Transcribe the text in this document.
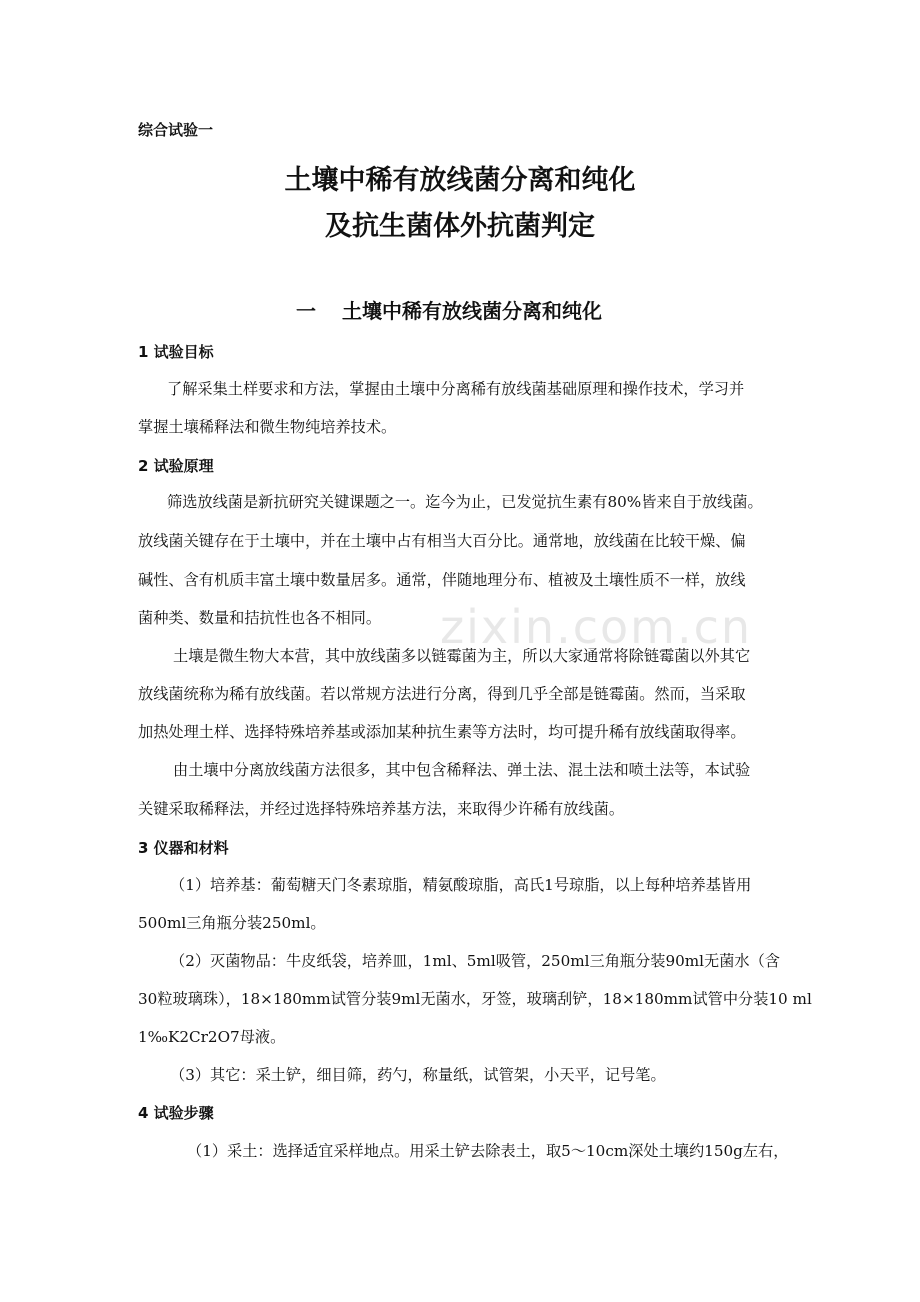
zixin.com.cn
综合试验一
土壤中稀有放线菌分离和纯化
及抗生菌体外抗菌判定
一 土壤中稀有放线菌分离和纯化
1 试验目标
了解采集土样要求和方法，掌握由土壤中分离稀有放线菌基础原理和操作技术，学习并
掌握土壤稀释法和微生物纯培养技术。
2 试验原理
筛选放线菌是新抗研究关键课题之一。迄今为止，已发觉抗生素有80%皆来自于放线菌。
放线菌关键存在于土壤中，并在土壤中占有相当大百分比。通常地，放线菌在比较干燥、偏
碱性、含有机质丰富土壤中数量居多。通常，伴随地理分布、植被及土壤性质不一样，放线
菌种类、数量和拮抗性也各不相同。
土壤是微生物大本营，其中放线菌多以链霉菌为主，所以大家通常将除链霉菌以外其它
放线菌统称为稀有放线菌。若以常规方法进行分离，得到几乎全部是链霉菌。然而，当采取
加热处理土样、选择特殊培养基或添加某种抗生素等方法时，均可提升稀有放线菌取得率。
由土壤中分离放线菌方法很多，其中包含稀释法、弹土法、混土法和喷土法等，本试验
关键采取稀释法，并经过选择特殊培养基方法，来取得少许稀有放线菌。
3 仪器和材料
（1）培养基：葡萄糖天门冬素琼脂，精氨酸琼脂，高氏1号琼脂，以上每种培养基皆用
500ml三角瓶分装250ml。
（2）灭菌物品：牛皮纸袋，培养皿，1ml、5ml吸管，250ml三角瓶分装90ml无菌水（含
30粒玻璃珠），18×180mm试管分装9ml无菌水，牙签，玻璃刮铲，18×180mm试管中分装10 ml
1‰K2Cr2O7母液。
（3）其它：采土铲，细目筛，药勺，称量纸，试管架，小天平，记号笔。
4 试验步骤
（1）采土：选择适宜采样地点。用采土铲去除表土，取5～10cm深处土壤约150g左右，
